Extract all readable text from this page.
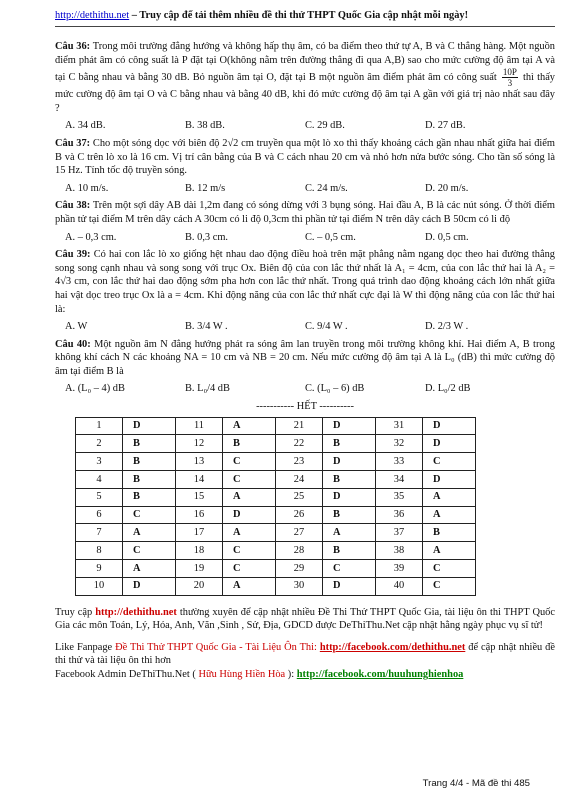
http://dethithu.net – Truy cập để tải thêm nhiều đề thi thử THPT Quốc Gia cập nhật mỗi ngày!
Câu 36: Trong môi trường đẳng hướng và không hấp thụ âm, có ba điểm theo thứ tự A, B và C thẳng hàng. Một nguồn điểm phát âm có công suất là P đặt tại O(không nằm trên đường thẳng đi qua A,B) sao cho mức cường độ âm tại A và tại C bằng nhau và bằng 30 dB. Bỏ nguồn âm tại O, đặt tại B một nguồn âm điểm phát âm có công suất $\frac{10P}{3}$ thì thấy mức cường độ âm tại O và C bằng nhau và bằng 40 dB, khi đó mức cường độ âm tại A gần với giá trị nào nhất sau đây ?
A. 34 dB.	B. 38 dB.	C. 29 dB.	D. 27 dB.
Câu 37: Cho một sóng dọc với biên độ 2√2 cm truyền qua một lò xo thì thấy khoảng cách gần nhau nhất giữa hai điểm B và C trên lò xo là 16 cm. Vị trí cân bằng của B và C cách nhau 20 cm và nhỏ hơn nửa bước sóng. Cho tần số sóng là 15 Hz. Tính tốc độ truyền sóng.
A. 10 m/s.	B. 12 m/s	C. 24 m/s.	D. 20 m/s.
Câu 38: Trên một sợi dây AB dài 1,2m đang có sóng dừng với 3 bụng sóng. Hai đầu A, B là các nút sóng. Ở thời điểm phần tử tại điểm M trên dây cách A 30cm có li độ 0,3cm thì phần tử tại điểm N trên dây cách B 50cm có li độ
A. – 0,3 cm.	B. 0,3 cm.	C. – 0,5 cm.	D. 0,5 cm.
Câu 39: Có hai con lắc lò xo giống hệt nhau dao động điều hoà trên mặt phẳng nằm ngang dọc theo hai đường thẳng song song cạnh nhau và song song với trục Ox. Biên độ của con lắc thứ nhất là A₁ = 4cm, của con lắc thứ hai là A₂ = 4√3 cm, con lắc thứ hai dao động sớm pha hơn con lắc thứ nhất. Trong quá trình dao động khoảng cách lớn nhất giữa hai vật dọc treo trục Ox là a = 4cm. Khi động năng của con lắc thứ nhất cực đại là W thì động năng của con lắc thứ hai là:
A. W	B. 3/4 W .	C. 9/4 W .	D. 2/3 W .
Câu 40: Một nguồn âm N đẳng hướng phát ra sóng âm lan truyền trong môi trường không khí. Hai điểm A, B trong không khí cách N các khoảng NA = 10 cm và NB = 20 cm. Nếu mức cường độ âm tại A là L₀ (dB) thì mức cường độ âm tại điểm B là
A. (L₀ – 4) dB	B. L₀/4 dB	C. (L₀ – 6) dB	D. L₀/2 dB
----------- HẾT ----------
1	D	11	A	21	D	31	D
2	B	12	B	22	B	32	D
3	B	13	C	23	D	33	C
4	B	14	C	24	B	34	D
5	B	15	A	25	D	35	A
6	C	16	D	26	B	36	A
7	A	17	A	27	A	37	B
8	C	18	C	28	B	38	A
9	A	19	C	29	C	39	C
10	D	20	A	30	D	40	C
Truy cập http://dethithu.net thường xuyên để cập nhật nhiều Đề Thi Thử THPT Quốc Gia, tài liệu ôn thi THPT Quốc Gia các môn Toán, Lý, Hóa, Anh, Văn ,Sinh , Sử, Địa, GDCD được DeThiThu.Net cập nhật hằng ngày phục vụ sĩ tử!
Like Fanpage Đề Thi Thử THPT Quốc Gia - Tài Liệu Ôn Thi: http://facebook.com/dethithu.net để cập nhật nhiều đề thi thử và tài liệu ôn thi hơn
Facebook Admin DeThiThu.Net ( Hữu Hùng Hiền Hòa ): http://facebook.com/huuhunghienhoa
Trang 4/4 - Mã đề thi 485
